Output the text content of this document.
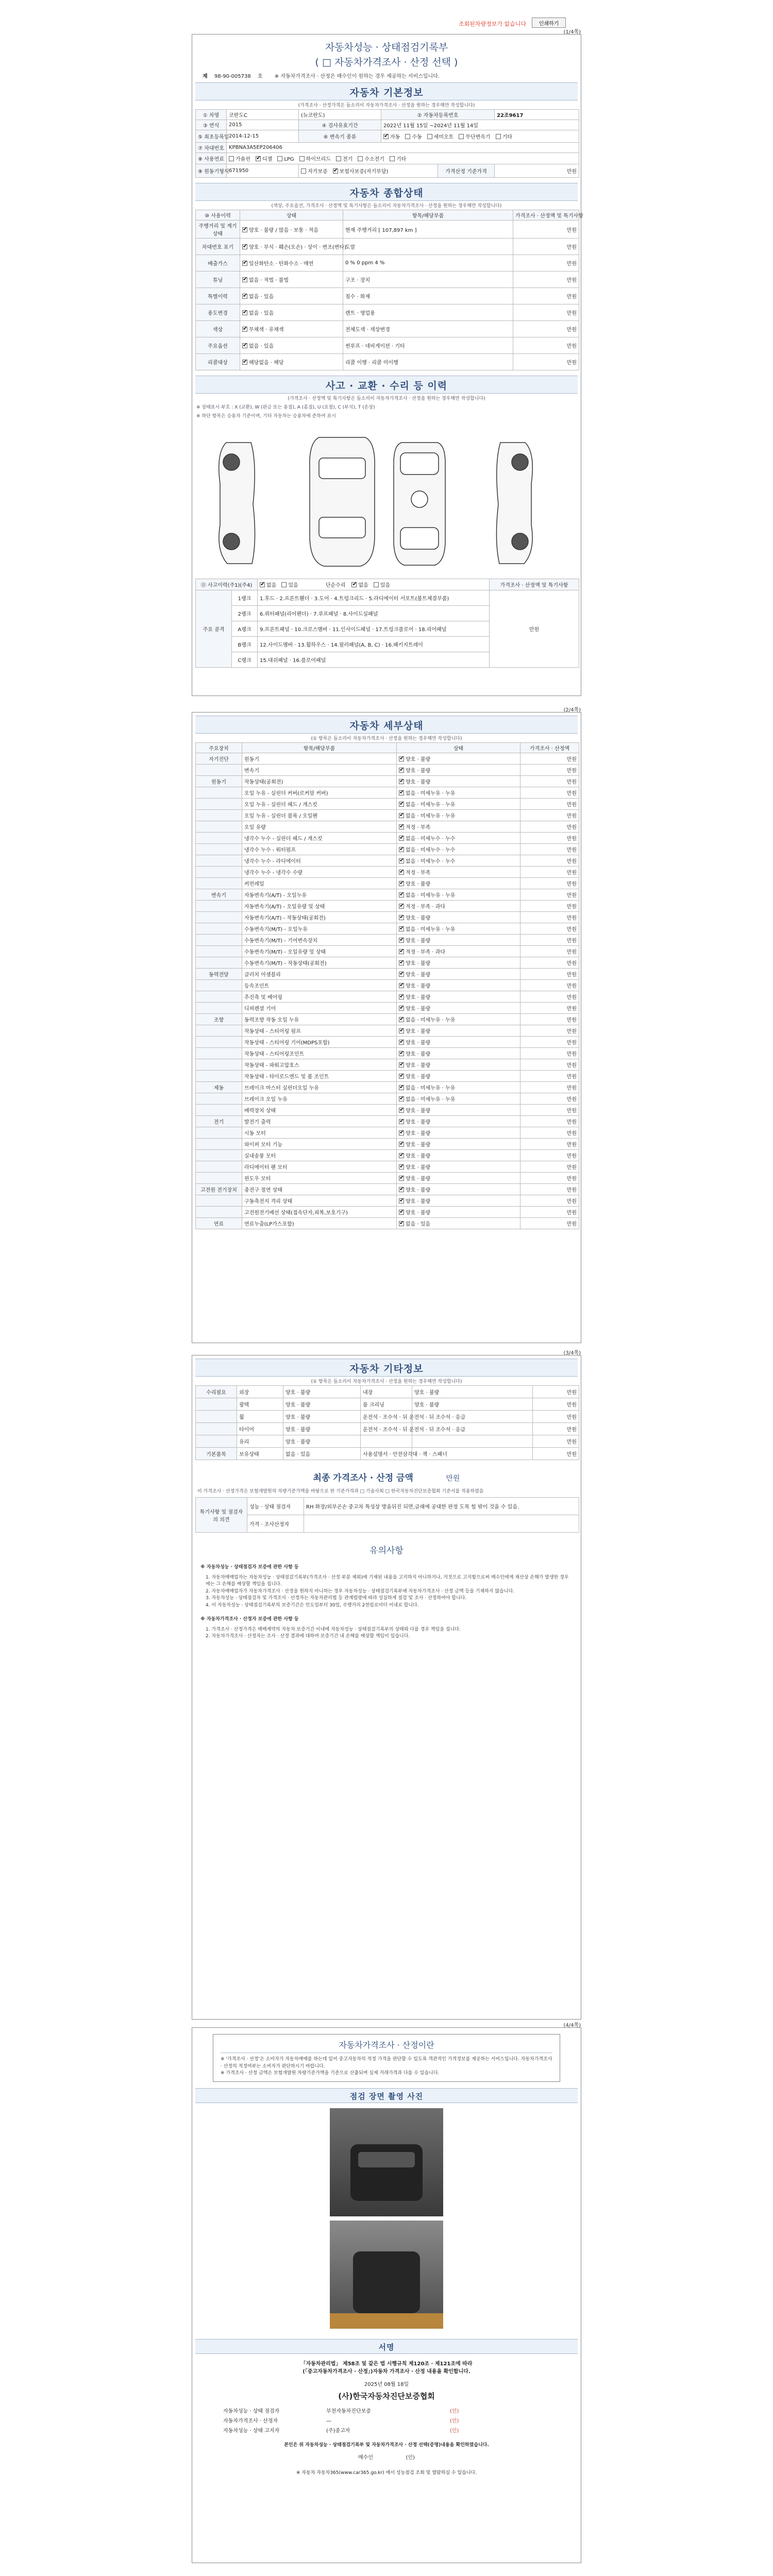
조회된차량정보가 없습니다	인쇄하기
(1/4쪽)
자동차성능 · 상태점검기록부
( □ 자동차가격조사 · 산정 선택 )
제 98-90-005738 호 ※ 자동차가격조사 · 산정은 매수인이 원하는 경우 제공하는 서비스입니다.
자동차 기본정보
(가격조사 · 산정가격은 들소리이 자동차가격조사 · 산정을 원하는 경우해만 작성합니다)
① 차명	코란도C	(뉴코란도)	② 자동차등록번호		22조9617
③ 연식	2015	④ 검사유효기간	2022년 11월 15일 ~2024년 11월 14일		
⑤ 최초등록일	2014-12-15	⑥ 변속기 종류	✔자동 수동 세미오토 무단변속기 기타
⑦ 차대번호	KPBNA3A5EP206406				
⑧ 사용연료	가솔린 ✔ 디젤 LPG 하이브리드 전기 수소전기 기타
⑨ 원동기형식	671950	자가보증 ✔ 보험사보증(자기부담)		가격산정 기준가격	만원
자동차 종합상태
(색상, 주요옵션, 가격조사 · 산정액 및 특기사항은 들소리이 자동차가격조사 · 산정을 원하는 경우해만 작성합니다)
⑩ 사용이력	상태	항목/해당부품	가격조사 · 산정액 및 특기사항
주행거리 및 계기상태	✔양호 · 불량 / 많음 · 보통 · 적음	현재 주행거리 [ 107,897 km ]	만원
차대번호 표기	✔양호 · 부식 · 훼손(오손) · 상이 · 변조(변타)	도말	만원
배출가스	✔일산화탄소 · 탄화수소 · 매연	0 % 0 ppm 4 %	만원
튜닝	✔없음 · 적법 · 불법	구조 · 장치	만원
특별이력	✔없음 · 있음	침수 · 화재	만원
용도변경	✔없음 · 있음	렌트 · 영업용	만원
색상	✔무채색 · 유채색	전체도색 · 색상변경	만원
주요옵션	✔없음 · 있음	썬루프 · 네비게이션 · 기타	만원
리콜대상	✔해당없음 · 해당	리콜 이행 · 리콜 미이행	만원
사고 · 교환 · 수리 등 이력
(가격조사 · 산정액 및 특기사항은 들소리이 자동차가격조사 · 산정을 원하는 경우해만 작성합니다)
※ 상태표시 부호 : X (교환), W (판금 또는 용접), A (흠집), U (요철), C (부식), T (손상)
※ 하단 항목은 승용차 기준이며, 기타 자동차는 승용차에 준하여 표시
⑪ 사고이력(주1)(주4)	✔없음 있음 단순수리 ✔ 없음 있음	가격조사 · 산정액 및 특기사항
주요 골격	1랭크	1.후드 · 2.프론트휀더 · 3.도어 · 4.트렁크리드 · 5.라디에이터 서포트(볼트체결부품)	만원
	2랭크	6.쿼터패널(리어펜더) · 7.루프패널 · 8.사이드실패널	
	A랭크	9.프론트패널 · 10.크로스멤버 · 11.인사이드패널 · 17.트렁크플로어 · 18.리어패널	
	B랭크	12.사이드멤버 · 13.휠하우스 · 14.필러패널(A, B, C) · 16.패키지트레이	
	C랭크	15.대쉬패널 · 16.플로어패널	
(2/4쪽)
자동차 세부상태
(① 항목은 들소리이 자동차가격조사 · 산정을 원하는 경우해만 작성합니다)
주요장치	항목/해당부품	상태	가격조사 · 산정액
자기진단	원동기	✔양호 · 불량	만원
	변속기	✔양호 · 불량	만원
원동기	작동상태(공회전)	✔양호 · 불량	만원
	오일 누유 - 실린더 커버(로커암 커버)	✔없음 · 미세누유 · 누유	만원
	오일 누유 - 실린더 헤드 / 개스킷	✔없음 · 미세누유 · 누유	만원
	오일 누유 - 실린더 블록 / 오일팬	✔없음 · 미세누유 · 누유	만원
	오일 유량	✔적정 · 부족	만원
	냉각수 누수 - 실린더 헤드 / 개스킷	✔없음 · 미세누수 · 누수	만원
	냉각수 누수 - 워터펌프	✔없음 · 미세누수 · 누수	만원
	냉각수 누수 - 라디에이터	✔없음 · 미세누수 · 누수	만원
	냉각수 누수 - 냉각수 수량	✔적정 · 부족	만원
	커먼레일	✔양호 · 불량	만원
변속기	자동변속기(A/T) - 오일누유	✔없음 · 미세누유 · 누유	만원
	자동변속기(A/T) - 오일유량 및 상태	✔적정 · 부족 · 과다	만원
	자동변속기(A/T) - 작동상태(공회전)	✔양호 · 불량	만원
	수동변속기(M/T) - 오일누유	✔없음 · 미세누유 · 누유	만원
	수동변속기(M/T) - 기어변속장치	✔양호 · 불량	만원
	수동변속기(M/T) - 오일유량 및 상태	✔적정 · 부족 · 과다	만원
	수동변속기(M/T) - 작동상태(공회전)	✔양호 · 불량	만원
동력전달	클러치 어셈블리	✔양호 · 불량	만원
	등속조인트	✔양호 · 불량	만원
	추진축 및 베어링	✔양호 · 불량	만원
	디퍼렌셜 기어	✔양호 · 불량	만원
조향	동력조향 작동 오일 누유	✔없음 · 미세누유 · 누유	만원
	작동상태 - 스티어링 펌프	✔양호 · 불량	만원
	작동상태 - 스티어링 기어(MDPS포함)	✔양호 · 불량	만원
	작동상태 - 스티어링조인트	✔양호 · 불량	만원
	작동상태 - 파워고압호스	✔양호 · 불량	만원
	작동상태 - 타이로드엔드 및 볼 조인트	✔양호 · 불량	만원
제동	브레이크 마스터 실린더오일 누유	✔없음 · 미세누유 · 누유	만원
	브레이크 오일 누유	✔없음 · 미세누유 · 누유	만원
	배력장치 상태	✔양호 · 불량	만원
전기	발전기 출력	✔양호 · 불량	만원
	시동 모터	✔양호 · 불량	만원
	와이퍼 모터 기능	✔양호 · 불량	만원
	실내송풍 모터	✔양호 · 불량	만원
	라디에이터 팬 모터	✔양호 · 불량	만원
	윈도우 모터	✔양호 · 불량	만원
고전원 전기장치	충전구 절연 상태	✔양호 · 불량	만원
	구동축전지 격리 상태	✔양호 · 불량	만원
	고전원전기배선 상태(접속단자,피복,보호기구)	✔양호 · 불량	만원
연료	연료누출(LP가스포함)	✔없음 · 있음	만원
(3/4쪽)
자동차 기타정보
(① 항목은 들소리이 자동차가격조사 · 산정을 원하는 경우해만 작성합니다)
수리필요	외장	양호 · 불량	내장	양호 · 불량	만원
	광택	양호 · 불량	룸 크리닝	양호 · 불량	만원
	휠	양호 · 불량	운전석 · 조수석 · 뒤 운전석 · 뒤 조수석 · 응급		만원
	타이어	양호 · 불량	운전석 · 조수석 · 뒤 운전석 · 뒤 조수석 · 응급		만원
	유리	양호 · 불량			만원
기본품목	보유상태	없음 · 있음	사용설명서 · 안전삼각대 · 잭 · 스패너		만원
최종 가격조사 · 산정 금액	만원
이 가격조사 · 산정가격은 보험개발원의 차량기준가액을 바탕으로 한 기준가격과 □ 기술사회 □ 한국자동차진단보증협회 기준서를 적용하였음
특기사항 및 점검자의 의견	성능 · 상태 점검자	RH 화장/외부곤손 중고차 특성상 방을뒤진 되면,글래에 공대한 판정 도목 힘 밖이 것을 수 있음.
	가격 · 조사산정자	
유의사항
※ 자동차성능 · 상태점검자 보증에 관한 사항 등
1. 자동차매매업자는 자동차성능 · 상태점검기록부(가격조사 · 산정 부분 제외)에 기재된 내용을 고지하지 아니하거나, 거짓으로 고지함으로써 매수인에게 재산상 손해가 발생한 경우에는 그 손해를 배상할 책임을 집니다.
2. 자동차매매업자가 자동차가격조사 · 산정을 원하지 아니하는 경우 자동차성능 · 상태점검기록부에 자동차가격조사 · 산정 금액 등을 기재하지 않습니다.
3. 자동차성능 · 상태점검자 및 가격조사 · 산정자는 자동차관리법 등 관계법령에 따라 성실하게 점검 및 조사 · 산정하여야 합니다.
4. 이 자동차성능 · 상태점검기록부의 보증기간은 인도일부터 30일, 주행거리 2천킬로미터 이내로 합니다.
※ 자동차가격조사 · 산정자 보증에 관한 사항 등
1. 가격조사 · 산정가격은 매매계약의 자동차 보증기간 이내에 자동차성능 · 상태점검기록부의 상태와 다를 경우 책임을 집니다.
2. 자동차가격조사 · 산정자는 조사 · 산정 결과에 대하여 보증기간 내 손해를 배상할 책임이 있습니다.
(4/4쪽)
자동차가격조사 · 산정이란
※ '가격조사 · 산정'은 소비자가 자동차매매를 하는데 있어 중고자동차의 적정 가격을 판단할 수 있도록 객관적인 가격정보를 제공하는 서비스입니다. 자동차가격조사 · 산정의 적정여부는 소비자가 판단하시기 바랍니다.
※ 가격조사 · 산정 금액은 보험개발원 차량기준가액을 기준으로 산출되며 실제 거래가격과 다를 수 있습니다.
점검 장면 촬영 사진
서명
「자동차관리법」 제58조 및 같은 법 시행규칙 제120조 · 제121조에 따라
(「중고자동차가격조사 · 산정」)자동차 가격조사 · 산정 내용을 확인합니다.
2025년 08월 18일
(사)한국자동차진단보증협회
자동차성능 · 상태 점검자	부천자동차진단보증	(인)
자동차가격조사 · 산정자	—	(인)
자동차성능 · 상태 고지자	(주)중고자	(인)
본인은 위 자동차성능 · 상태점검기록부 및 자동차가격조사 · 산정 선택(증명)내용을 확인하였습니다.
매수인	(인)
※ 자동차 자동차365(www.car365.go.kr) 에서 성능점검 조회 및 열람하실 수 있습니다.
